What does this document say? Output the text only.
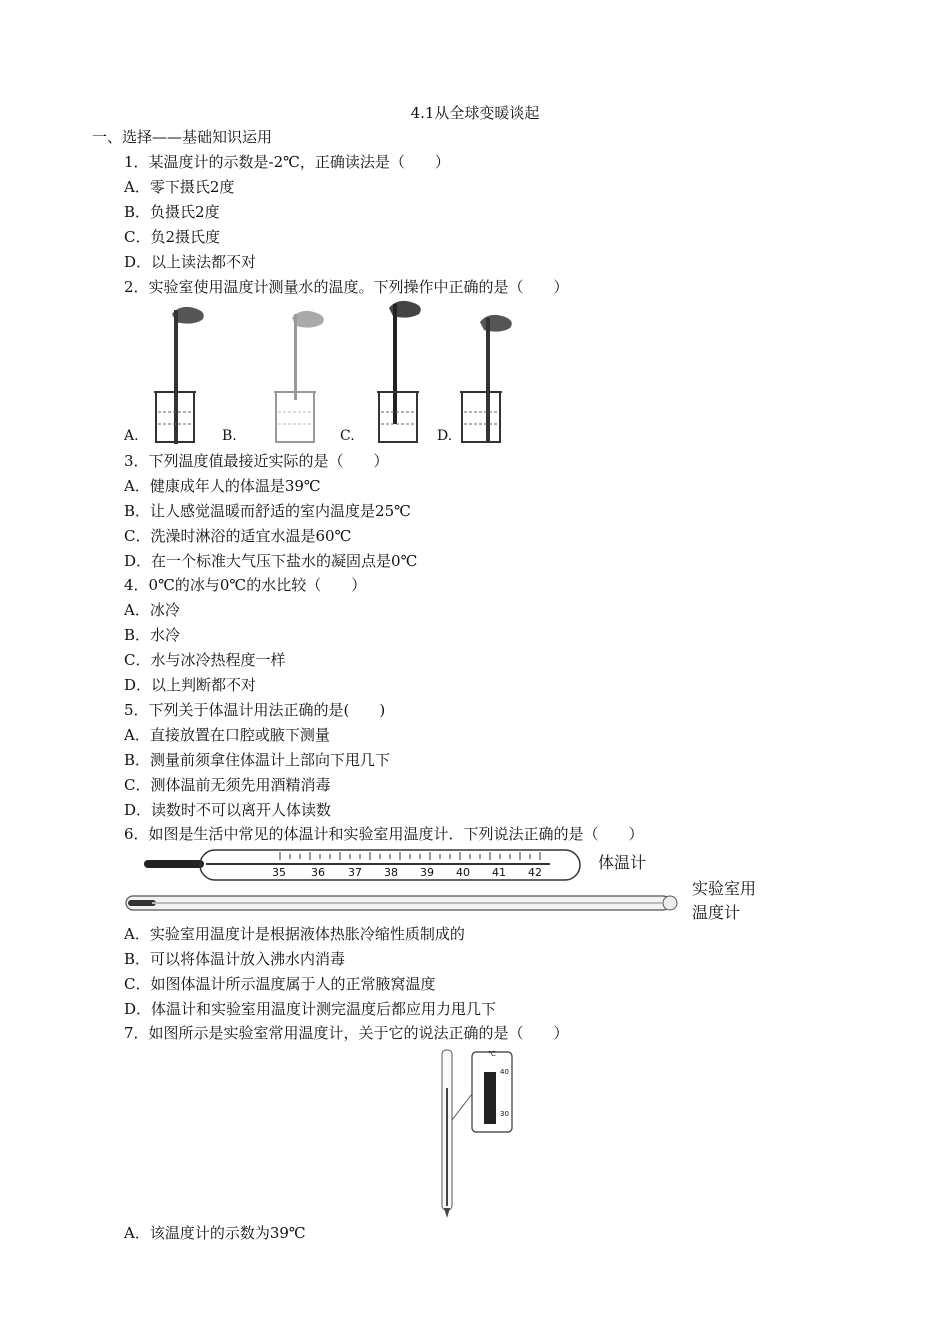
4.1从全球变暖谈起
一、选择——基础知识运用
1．某温度计的示数是-2℃，正确读法是（　　）
A．零下摄氏2度
B．负摄氏2度
C．负2摄氏度
D．以上读法都不对
2．实验室使用温度计测量水的温度。下列操作中正确的是（　　）
A.	B.	C.	D.
3．下列温度值最接近实际的是（　　）
A．健康成年人的体温是39℃
B．让人感觉温暖而舒适的室内温度是25℃
C．洗澡时淋浴的适宜水温是60℃
D．在一个标准大气压下盐水的凝固点是0℃
4．0℃的冰与0℃的水比较（　　）
A．冰冷
B．水冷
C．水与冰冷热程度一样
D．以上判断都不对
5．下列关于体温计用法正确的是(　　)
A．直接放置在口腔或腋下测量
B．测量前须拿住体温计上部向下甩几下
C．测体温前无须先用酒精消毒
D．读数时不可以离开人体读数
6．如图是生活中常见的体温计和实验室用温度计．下列说法正确的是（　　）
35 36 37 38 39 40 41 42
体温计
实验室用
温度计
A．实验室用温度计是根据液体热胀冷缩性质制成的
B．可以将体温计放入沸水内消毒
C．如图体温计所示温度属于人的正常腋窝温度
D．体温计和实验室用温度计测完温度后都应用力甩几下
7．如图所示是实验室常用温度计，关于它的说法正确的是（　　）
℃
40
30
A．该温度计的示数为39℃
